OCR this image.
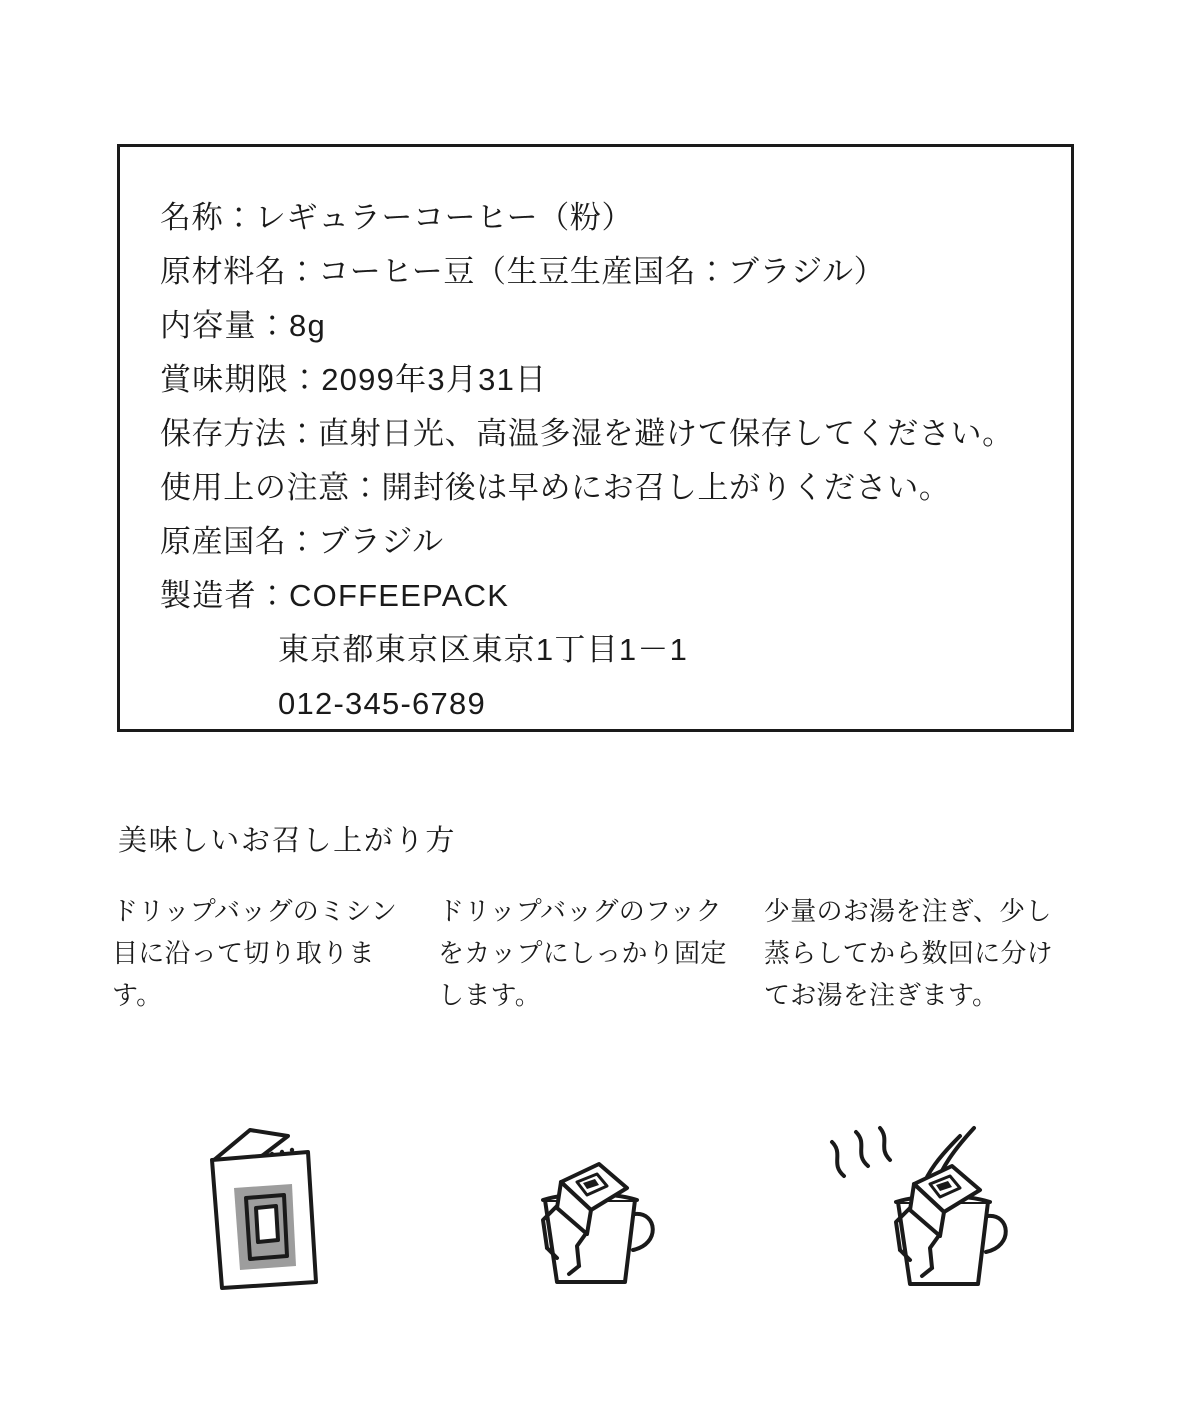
名称：レギュラーコーヒー（粉）
原材料名：コーヒー豆（生豆生産国名：ブラジル）
内容量：8g
賞味期限：2099年3月31日
保存方法：直射日光、高温多湿を避けて保存してください。
使用上の注意：開封後は早めにお召し上がりください。
原産国名：ブラジル
製造者：COFFEEPACK
東京都東京区東京1丁目1－1
012-345-6789
美味しいお召し上がり方
ドリップバッグのミシン目に沿って切り取ります。
ドリップバッグのフックをカップにしっかり固定します。
少量のお湯を注ぎ、少し蒸らしてから数回に分けてお湯を注ぎます。
